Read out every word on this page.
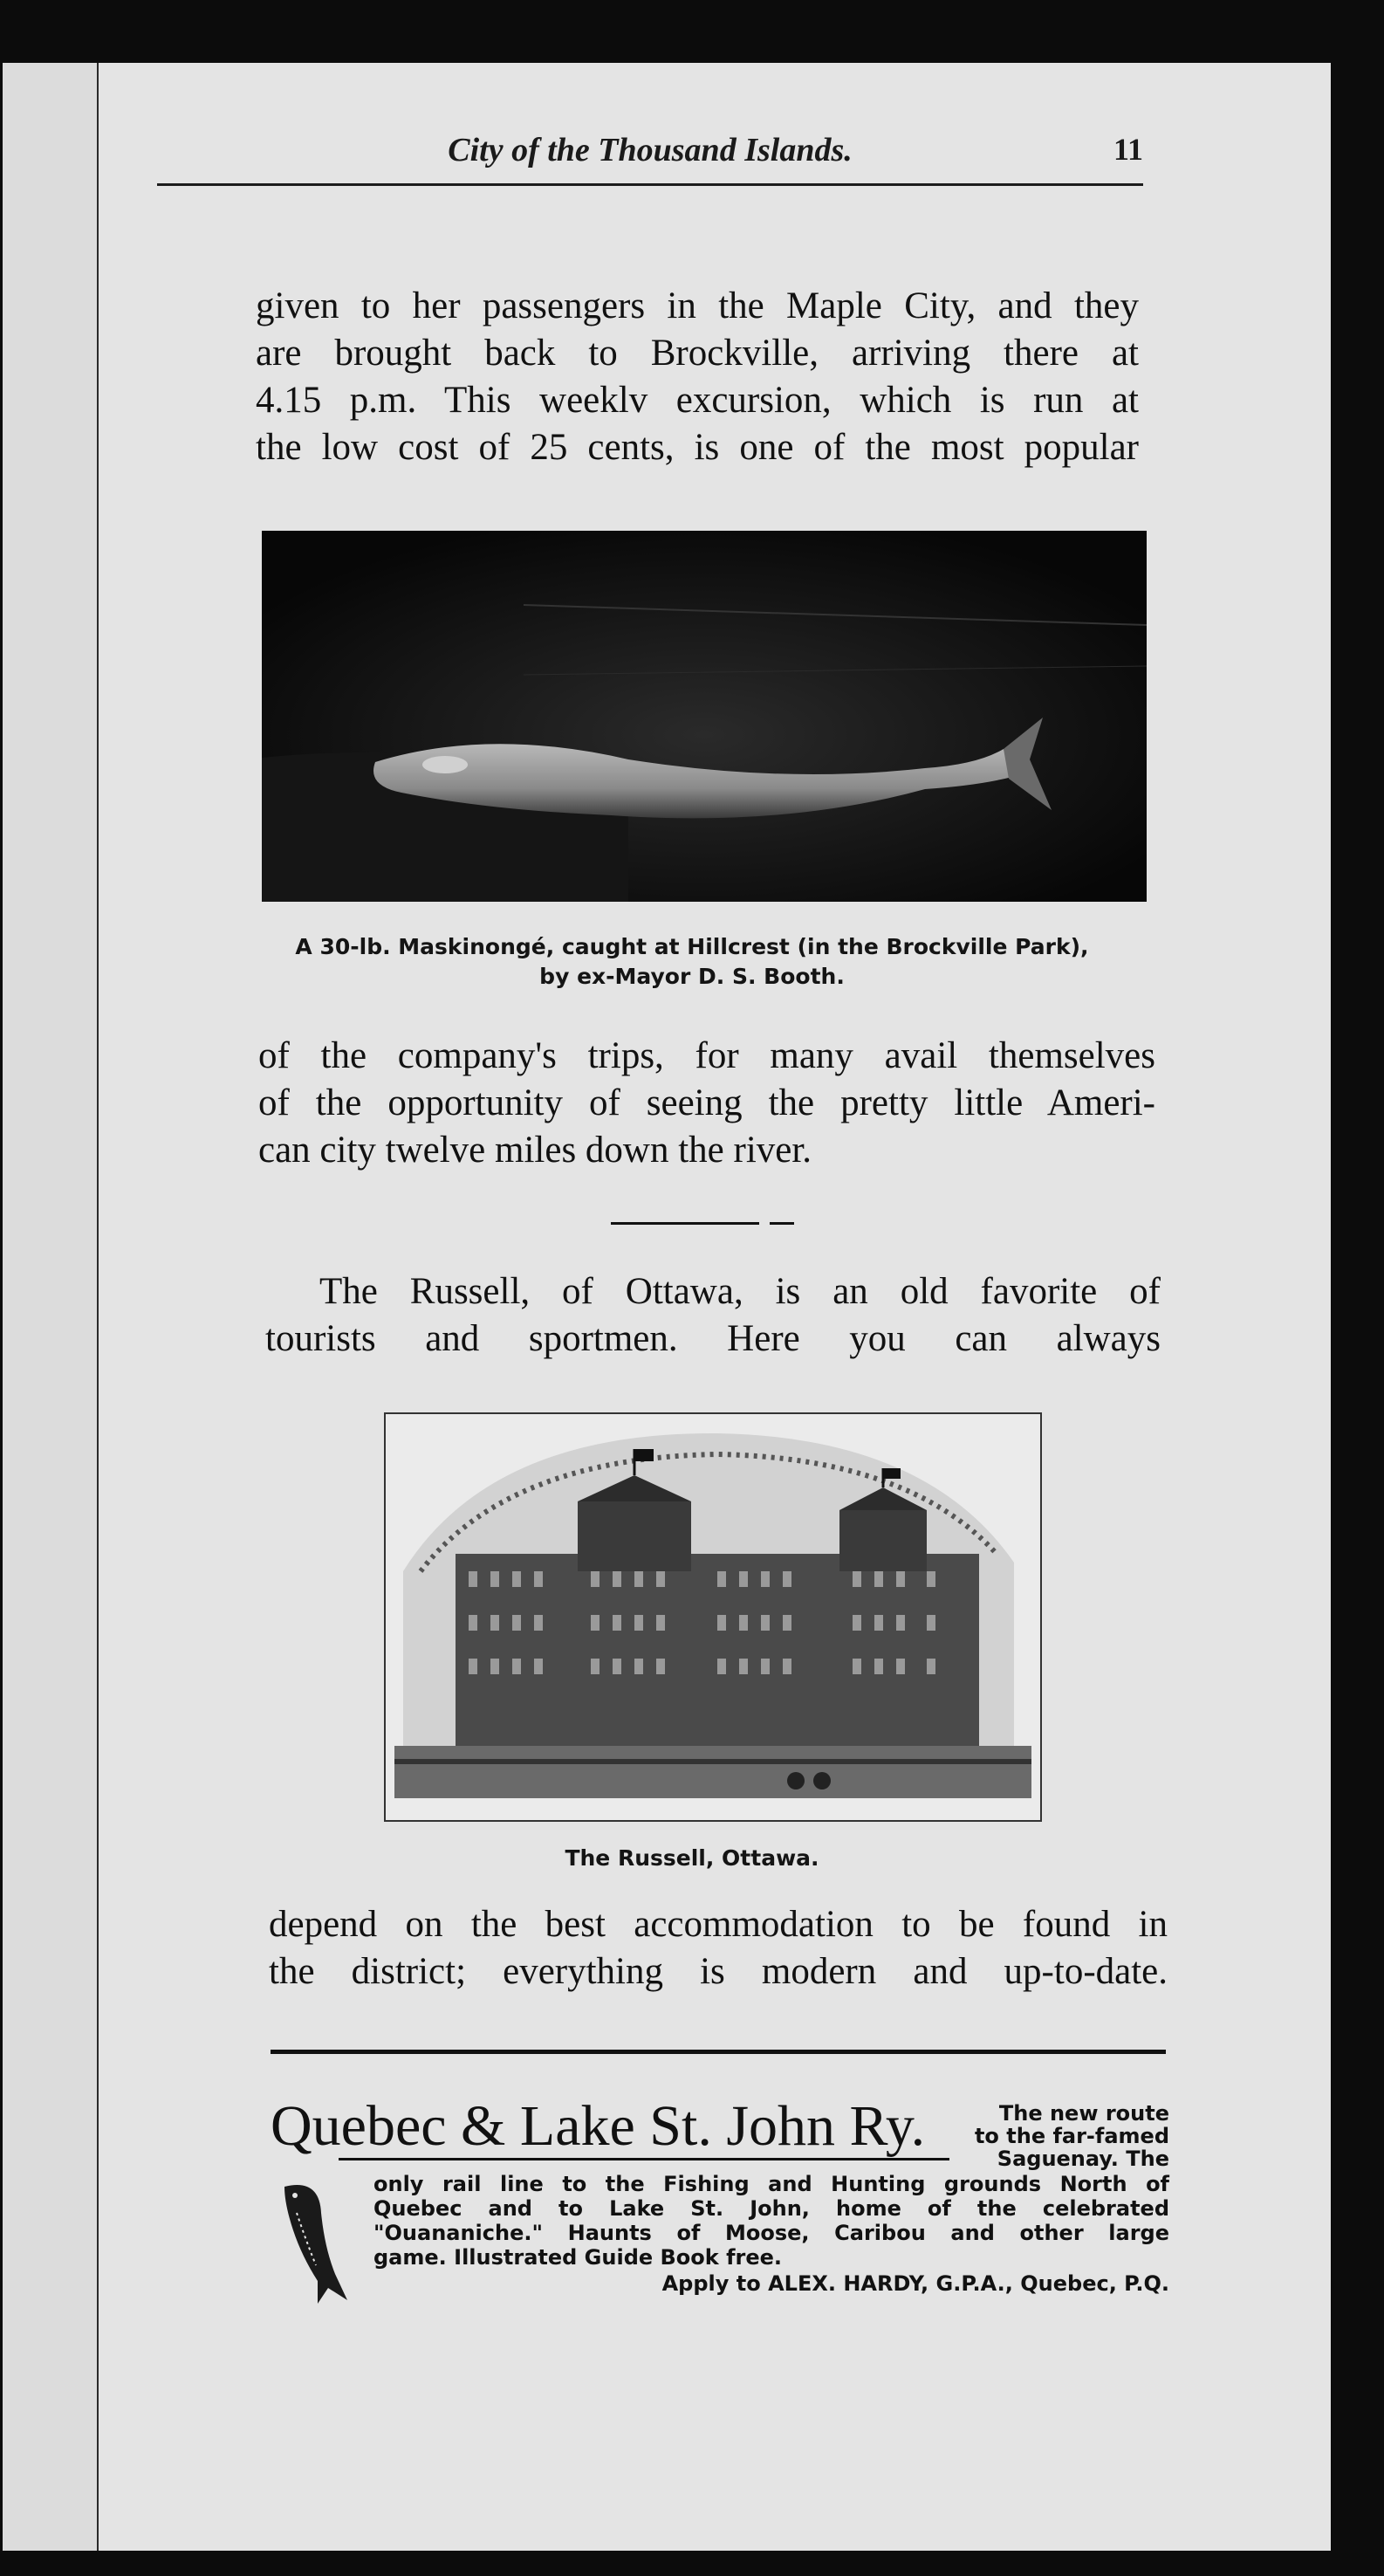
City of the Thousand Islands.	11
given to her passengers in the Maple City, and they
are brought back to Brockville, arriving there at
4.15 p.m. This weeklv excursion, which is run at
the low cost of 25 cents, is one of the most popular
A 30-lb. Maskinongé, caught at Hillcrest (in the Brockville Park),
by ex-Mayor D. S. Booth.
of the company's trips, for many avail themselves
of the opportunity of seeing the pretty little Ameri-
can city twelve miles down the river.
The Russell, of Ottawa, is an old favorite of
tourists and sportmen. Here you can always
The Russell, Ottawa.
depend on the best accommodation to be found in
the district; everything is modern and up-to-date.
Quebec & Lake St. John Ry.	The new route
to the far-famed
Saguenay. The
only rail line to the Fishing and Hunting grounds North of
Quebec and to Lake St. John, home of the celebrated
"Ouananiche." Haunts of Moose, Caribou and other large
game. Illustrated Guide Book free.
Apply to ALEX. HARDY, G.P.A., Quebec, P.Q.
